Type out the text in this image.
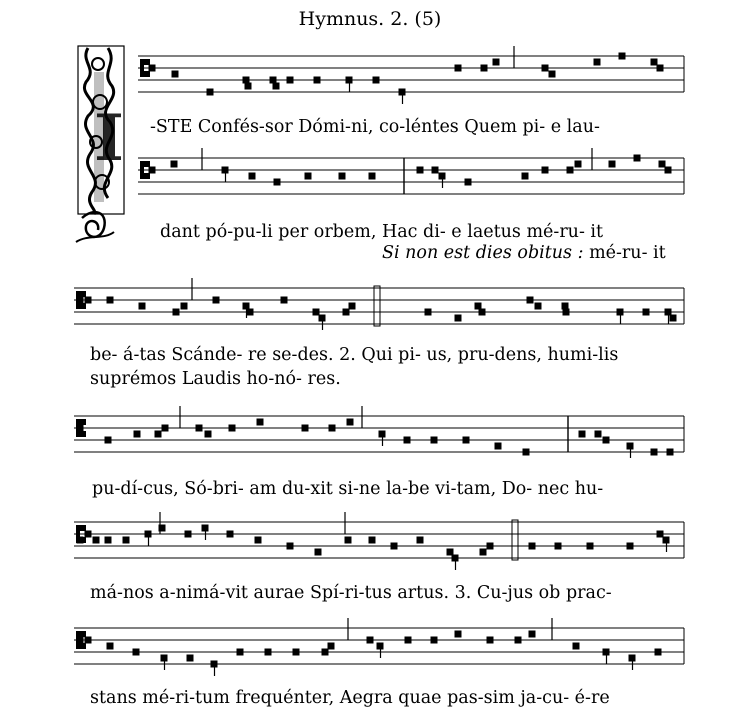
Hymnus. 2. (5)
I -STE Confés-sor Dómi-ni, co-léntes Quem pi- e lau-
dant pó-pu-li per orbem, Hac di- e laetus mé-ru- it
Si non est dies obitus : mé-ru- it
be- á-tas Scánde- re se-des. 2. Qui pi- us, pru-dens, humi-lis
suprémos Laudis ho-nó- res.
pu-dí-cus, Só-bri- am du-xit si-ne la-be vi-tam, Do- nec hu-
má-nos a-nimá-vit aurae Spí-ri-tus artus. 3. Cu-jus ob prac-
stans mé-ri-tum frequénter, Aegra quae pas-sim ja-cu- é-re
